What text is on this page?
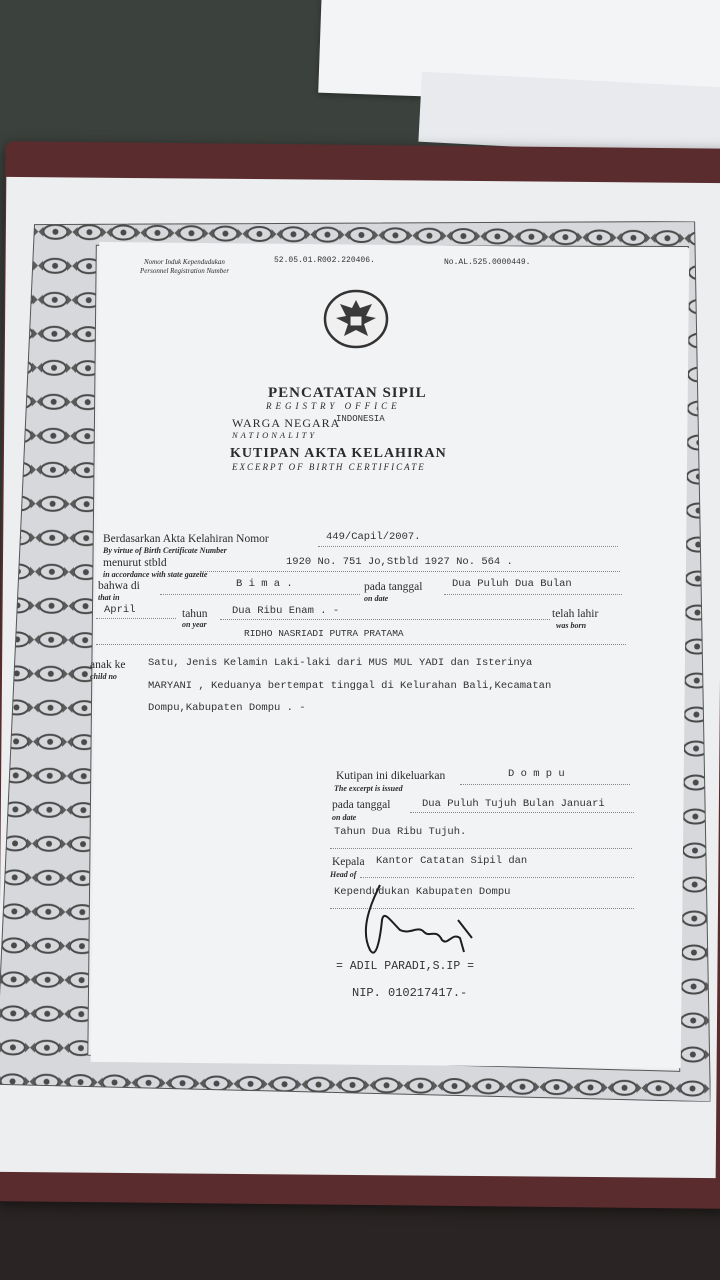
Nomor Induk Kependudukan
Personnel Registration Number
52.05.01.R002.220406.	No.AL.525.0000449.
PENCATATAN SIPIL
REGISTRY OFFICE
WARGA NEGARA
INDONESIA
NATIONALITY
KUTIPAN AKTA KELAHIRAN
EXCERPT OF BIRTH CERTIFICATE
Berdasarkan Akta Kelahiran Nomor	449/Capil/2007.
By virtue of Birth Certificate Number
menurut stbld	1920 No. 751 Jo,Stbld 1927 No. 564 .
in accordance with state gazette
bahwa di	B i m a .	pada tanggal	Dua Puluh Dua Bulan
that in	on date
April	tahun Dua Ribu Enam . -	telah lahir
on year	was born
RIDHO NASRIADI PUTRA PRATAMA
anak ke
child no
Satu, Jenis Kelamin Laki-laki dari MUS MUL YADI dan Isterinya
MARYANI , Keduanya bertempat tinggal di Kelurahan Bali,Kecamatan
Dompu,Kabupaten Dompu . -
Kutipan ini dikeluarkan	D o m p u
The excerpt is issued
pada tanggal	Dua Puluh Tujuh Bulan Januari
on date
Tahun Dua Ribu Tujuh.
Kepala Kantor Catatan Sipil dan
Head of
Kependudukan Kabupaten Dompu
= ADIL PARADI,S.IP =
NIP. 010217417.-
